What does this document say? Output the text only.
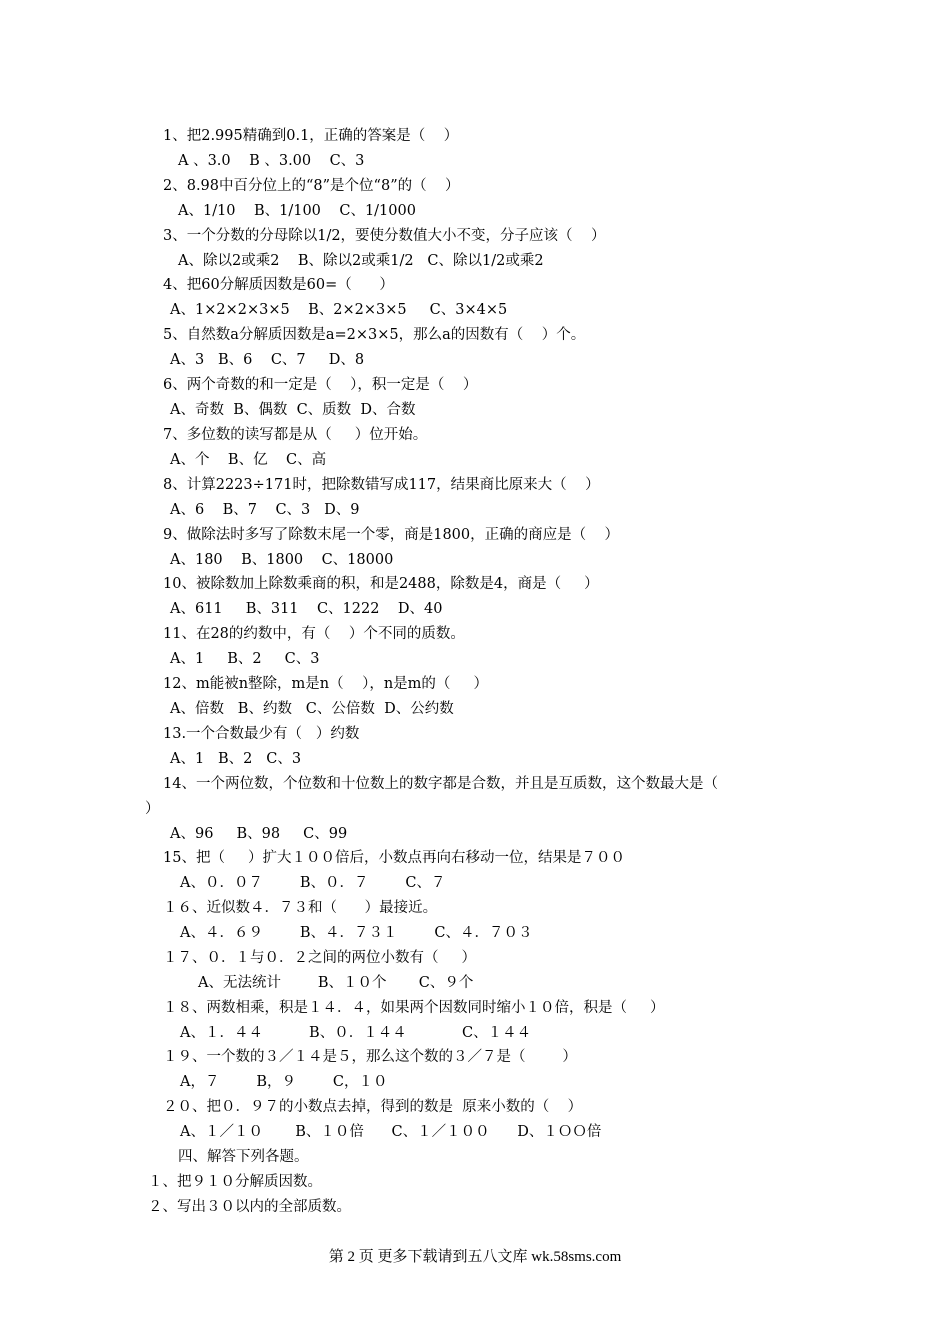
1、把2.995精确到0.1，正确的答案是（    ）
A 、3.0    B 、3.00    C、3
2、8.98中百分位上的“8”是个位“8”的（    ）
A、1/10    B、1/100    C、1/1000
3、一个分数的分母除以1/2，要使分数值大小不变，分子应该（    ）
A、除以2或乘2    B、除以2或乘1/2   C、除以1/2或乘2
4、把60分解质因数是60=（      ）
A、1×2×2×3×5    B、2×2×3×5     C、3×4×5
5、自然数a分解质因数是a=2×3×5，那么a的因数有（    ）个。
A、3   B、6    C、7     D、8
6、两个奇数的和一定是（    ），积一定是（    ）
A、奇数  B、偶数  C、质数  D、合数
7、多位数的读写都是从（     ）位开始。
A、个    B、亿    C、高
8、计算2223÷171时，把除数错写成117，结果商比原来大（    ）
A、6    B、7    C、3   D、9
9、做除法时多写了除数末尾一个零，商是1800，正确的商应是（    ）
A、180    B、1800    C、18000
10、被除数加上除数乘商的积，和是2488，除数是4，商是（     ）
A、611     B、311    C、1222    D、40
11、在28的约数中，有（    ）个不同的质数。
A、1     B、2     C、3
12、m能被n整除，m是n（    ），n是m的（     ）
A、倍数   B、约数   C、公倍数  D、公约数
13.一个合数最少有（   ）约数
A、1   B、2   C、3
14、一个两位数，个位数和十位数上的数字都是合数，并且是互质数，这个数最大是（
）
A、96     B、98     C、99
15、把（     ）扩大１００倍后，小数点再向右移动一位，结果是７００
A、０．０７        B、０．７        C、７
１６、近似数４．７３和（      ）最接近。
A、４．６９        B、４．７３１        C、４．７０３
１７、０．１与０．２之间的两位小数有（     ）
A、无法统计        B、１０个       C、９个
１８、两数相乘，积是１４．４，如果两个因数同时缩小１０倍，积是（     ）
A、１．４４          B、０．１４４            C、１４４
１９、一个数的３／１４是５，那么这个数的３／７是（        ）
A，７        B，９        C，１０
２０、把０．９７的小数点去掉，得到的数是  原来小数的（    ）
A、１／１０       B、１０倍      C、１／１００      D、１ＯＯ倍
四、解答下列各题。
１、把９１０分解质因数。
２、写出３０以内的全部质数。
第 2 页 更多下载请到五八文库 wk.58sms.com
